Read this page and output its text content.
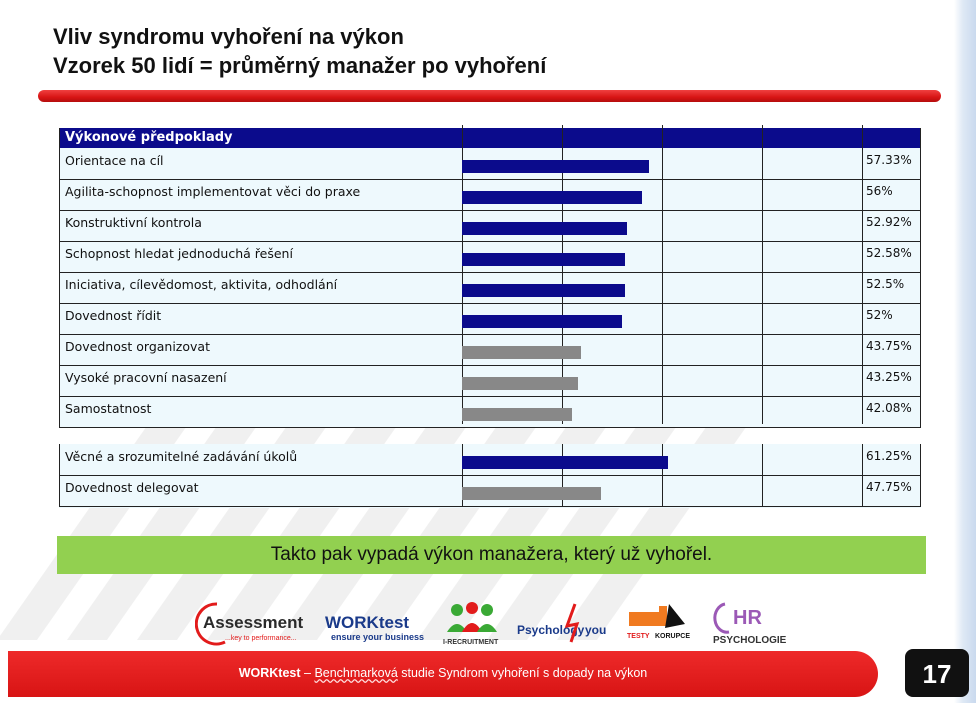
Vliv syndromu vyhoření na výkon
Vzorek 50 lidí = průměrný manažer po vyhoření
Výkonové předpoklady
Orientace na cíl	57.33%
Agilita-schopnost implementovat věci do praxe	56%
Konstruktivní kontrola	52.92%
Schopnost hledat jednoduchá řešení	52.58%
Iniciativa, cílevědomost, aktivita, odhodlání	52.5%
Dovednost řídit	52%
Dovednost organizovat	43.75%
Vysoké pracovní nasazení	43.25%
Samostatnost	42.08%
Věcné a srozumitelné zadávání úkolů	61.25%
Dovednost delegovat	47.75%
Takto pak vypadá výkon manažera, který už vyhořel.
Assessment
...key to performance...
WORKtest
ensure your business
I-RECRUITMENT
Psychology you	TESTY KORUPCE
HR
PSYCHOLOGIE
WORKtest – Benchmarková studie Syndrom vyhoření s dopady na výkon	17
